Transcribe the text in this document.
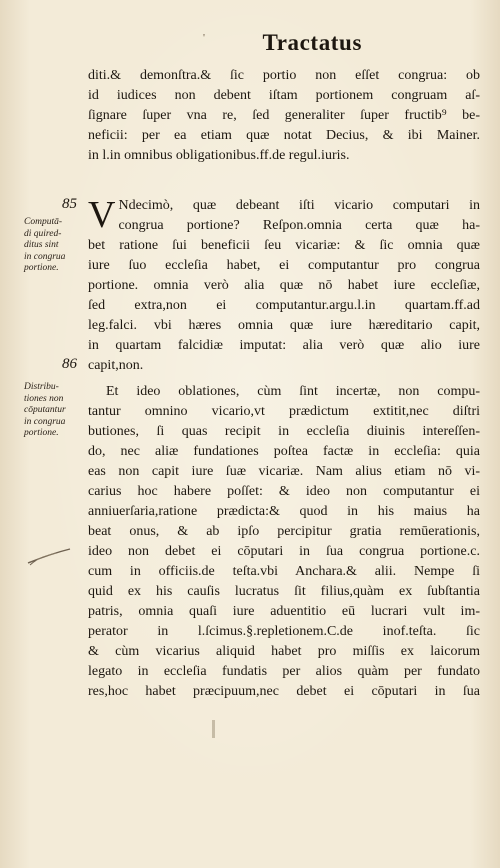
'	Tractatus
85
86
Computā-
di quired-
ditus sint
in congrua
portione.
Distribu-
tiones non
cōputantur
in congrua
portione.
diti.& demonſtra.& ſic portio non eſſet congrua: ob
id iudices non debent iſtam portionem congruam aſ-
ſignare ſuper vna re, ſed generaliter ſuper fructib⁹ be-
neficii: per ea etiam quæ notat Decius, & ibi Mainer.
in l.in omnibus obligationibus.ff.de regul.iuris.
V Ndecimò, quæ debeant iſti vicario computari in
congrua portione? Reſpon.omnia certa quæ ha-
bet ratione ſui beneficii ſeu vicariæ: & ſic omnia quæ
iure ſuo eccleſia habet, ei computantur pro congrua
portione. omnia verò alia quæ nō habet iure eccleſiæ,
ſed extra,non ei computantur.argu.l.in quartam.ff.ad
leg.falci. vbi hæres omnia quæ iure hæreditario capit,
in quartam falcidiæ imputat: alia verò quæ alio iure
capit,non.
Et ideo oblationes, cùm ſint incertæ, non compu-
tantur omnino vicario,vt prædictum extitit,nec diſtri
butiones, ſi quas recipit in eccleſia diuinis intereſſen-
do, nec aliæ fundationes poſtea factæ in eccleſia: quia
eas non capit iure ſuæ vicariæ. Nam alius etiam nō vi-
carius hoc habere poſſet: & ideo non computantur ei
anniuerſaria,ratione prædicta:& quod in his maius ha
beat onus, & ab ipſo percipitur gratia remūerationis,
ideo non debet ei cōputari in ſua congrua portione.c.
cum in officiis.de teſta.vbi Anchara.& alii. Nempe ſi
quid ex his cauſis lucratus ſit filius,quàm ex ſubſtantia
patris, omnia quaſi iure aduentitio eū lucrari vult im-
perator in l.ſcimus.§.repletionem.C.de inof.teſta. ſic
& cùm vicarius aliquid habet pro miſſis ex laicorum
legato in eccleſia fundatis per alios quàm per fundato
res,hoc habet præcipuum,nec debet ei cōputari in ſua
